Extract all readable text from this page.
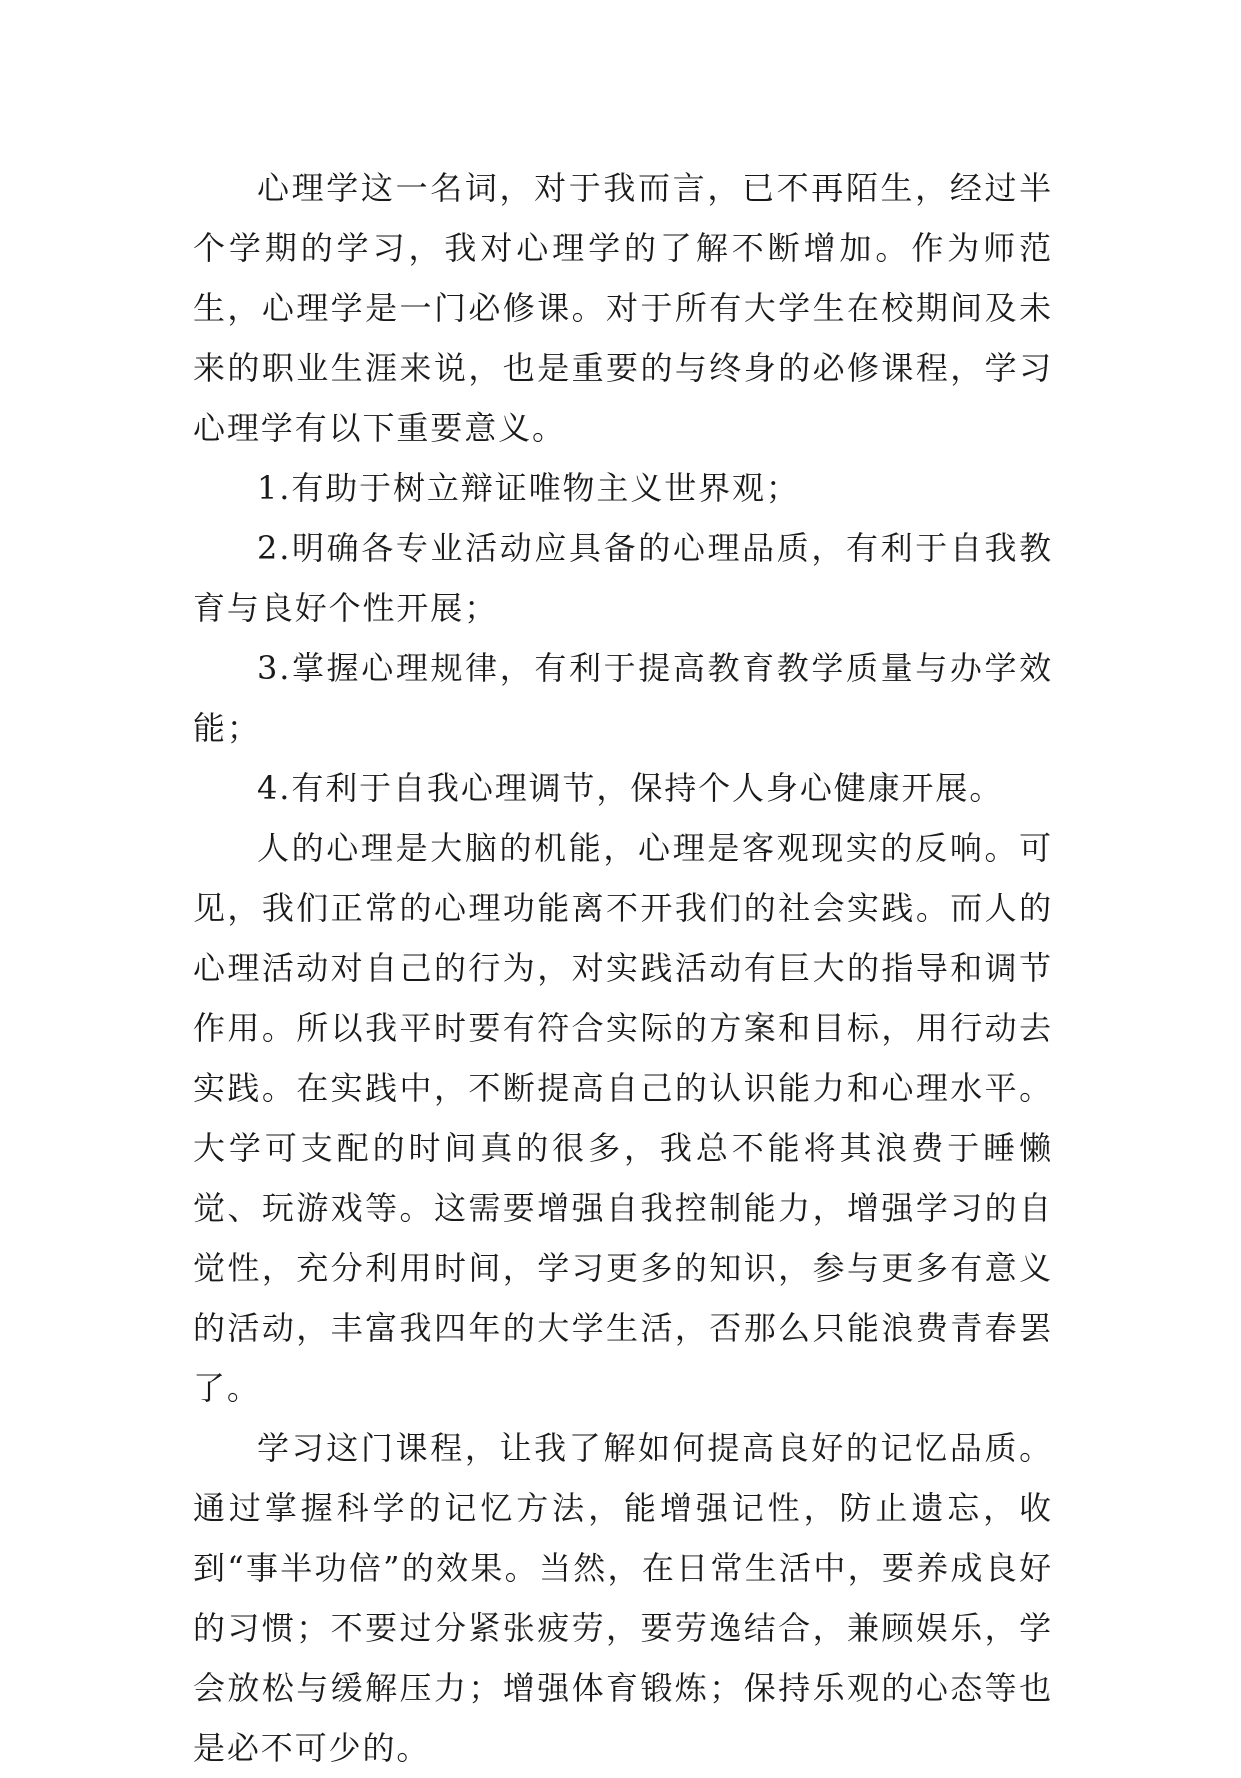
心理学这一名词，对于我而言，已不再陌生，经过半个学期的学习，我对心理学的了解不断增加。作为师范生，心理学是一门必修课。对于所有大学生在校期间及未来的职业生涯来说，也是重要的与终身的必修课程，学习心理学有以下重要意义。

1.有助于树立辩证唯物主义世界观；

2.明确各专业活动应具备的心理品质，有利于自我教育与良好个性开展；

3.掌握心理规律，有利于提高教育教学质量与办学效能；

4.有利于自我心理调节，保持个人身心健康开展。

人的心理是大脑的机能，心理是客观现实的反响。可见，我们正常的心理功能离不开我们的社会实践。而人的心理活动对自己的行为，对实践活动有巨大的指导和调节作用。所以我平时要有符合实际的方案和目标，用行动去实践。在实践中，不断提高自己的认识能力和心理水平。大学可支配的时间真的很多，我总不能将其浪费于睡懒觉、玩游戏等。这需要增强自我控制能力，增强学习的自觉性，充分利用时间，学习更多的知识，参与更多有意义的活动，丰富我四年的大学生活，否那么只能浪费青春罢了。

学习这门课程，让我了解如何提高良好的记忆品质。通过掌握科学的记忆方法，能增强记性，防止遗忘，收到“事半功倍”的效果。当然，在日常生活中，要养成良好的习惯；不要过分紧张疲劳，要劳逸结合，兼顾娱乐，学会放松与缓解压力；增强体育锻炼；保持乐观的心态等也是必不可少的。
